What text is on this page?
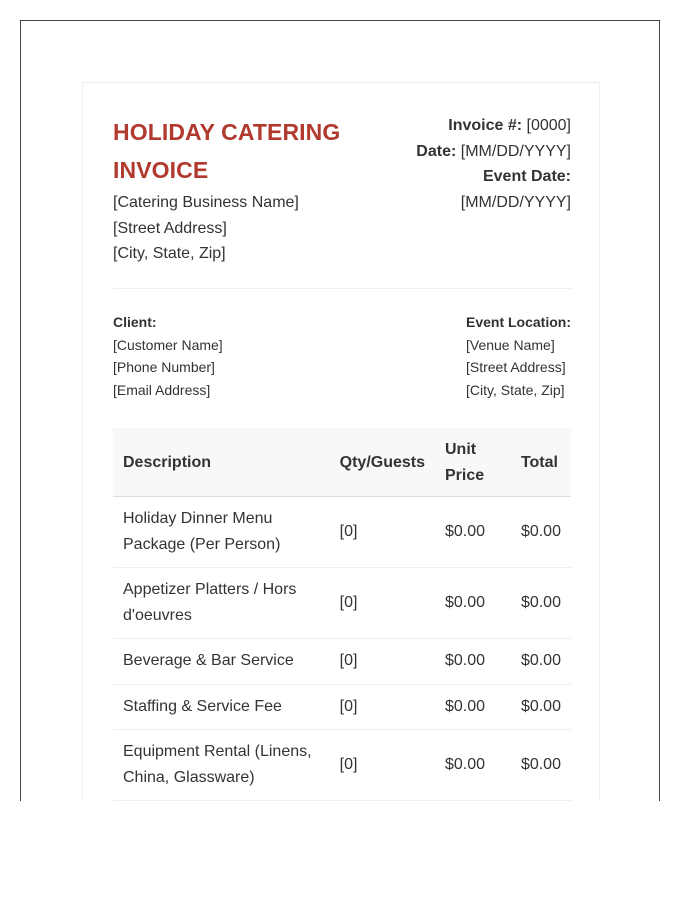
HOLIDAY CATERING INVOICE
[Catering Business Name]
[Street Address]
[City, State, Zip]
Invoice #: [0000]
Date: [MM/DD/YYYY]
Event Date:
[MM/DD/YYYY]
Client:
[Customer Name]
[Phone Number]
[Email Address]
Event Location:
[Venue Name]
[Street Address]
[City, State, Zip]
Description	Qty/Guests	Unit Price	Total
Holiday Dinner Menu Package (Per Person)	[0]	$0.00	$0.00
Appetizer Platters / Hors d'oeuvres	[0]	$0.00	$0.00
Beverage & Bar Service	[0]	$0.00	$0.00
Staffing & Service Fee	[0]	$0.00	$0.00
Equipment Rental (Linens, China, Glassware)	[0]	$0.00	$0.00
